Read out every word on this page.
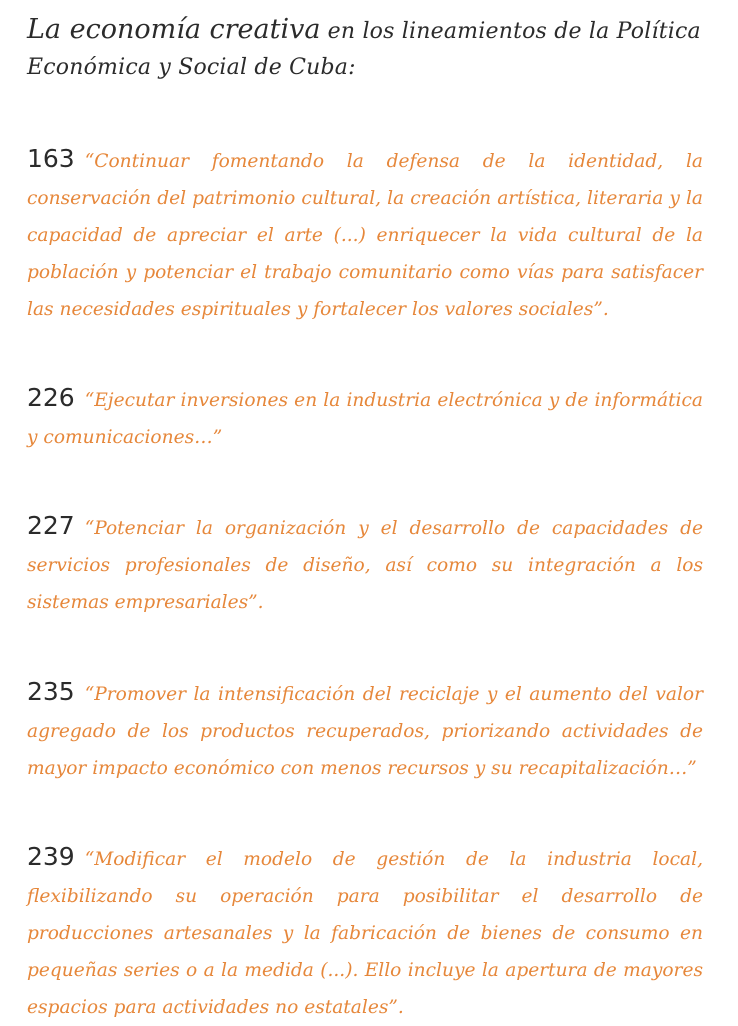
La economía creativa en los lineamientos de la Política Económica y Social de Cuba:
163 “Continuar fomentando la defensa de la identidad, la conservación del patrimonio cultural, la creación artística, literaria y la capacidad de apreciar el arte (...) enriquecer la vida cultural de la población y potenciar el trabajo comunitario como vías para satisfacer las necesidades espirituales y fortalecer los valores sociales”.
226 “Ejecutar inversiones en la industria electrónica y de informática y comunicaciones…”
227 “Potenciar la organización y el desarrollo de capacidades de servicios profesionales de diseño, así como su integración a los sistemas empresariales”.
235 “Promover la intensificación del reciclaje y el aumento del valor agregado de los productos recuperados, priorizando actividades de mayor impacto económico con menos recursos y su recapitalización…”
239 “Modificar el modelo de gestión de la industria local, flexibilizando su operación para posibilitar el desarrollo de producciones artesanales y la fabricación de bienes de consumo en pequeñas series o a la medida (...). Ello incluye la apertura de mayores espacios para actividades no estatales”.
